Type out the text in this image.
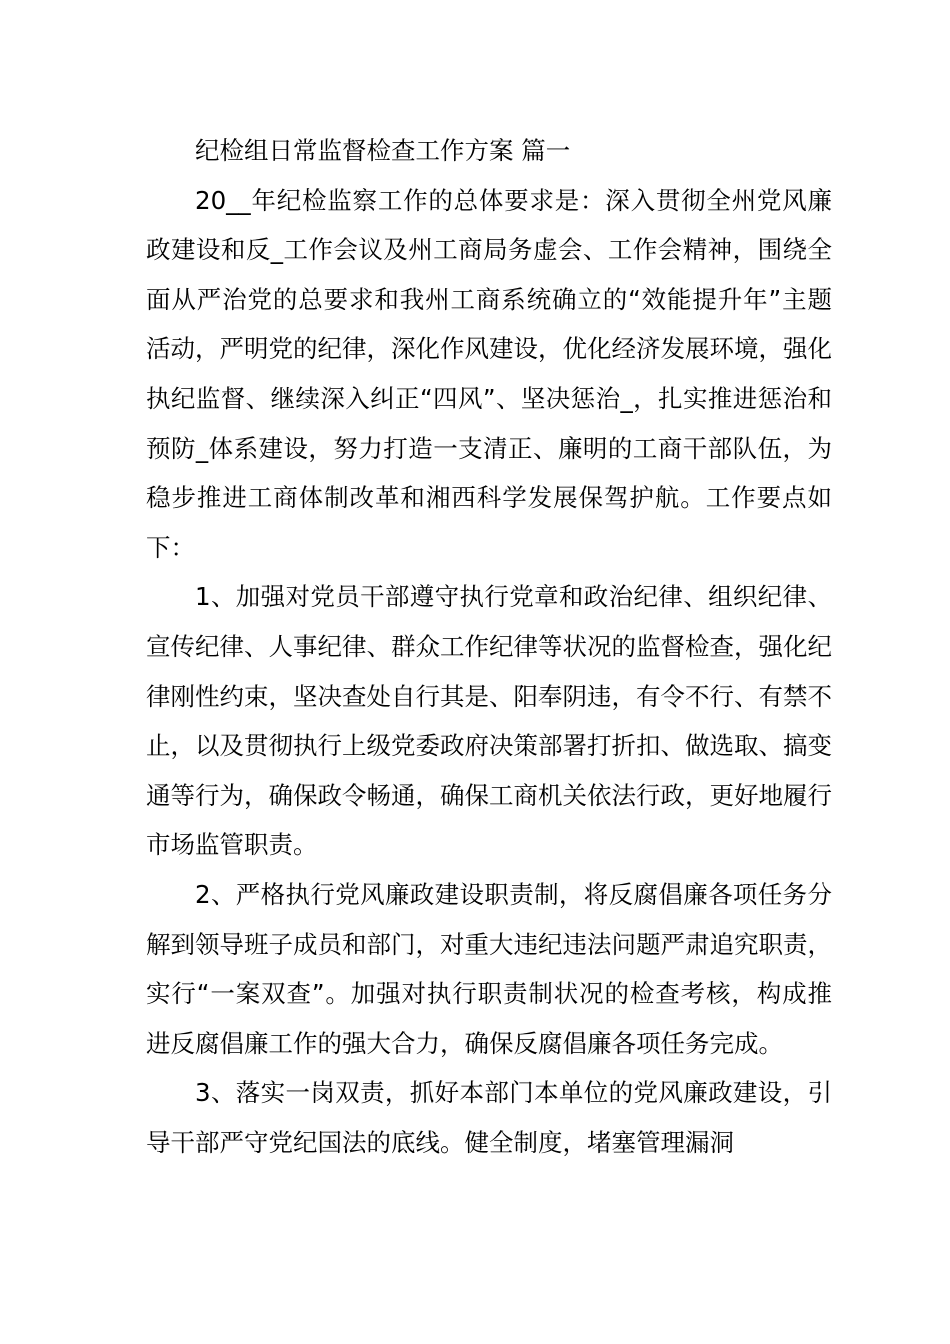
纪检组日常监督检查工作方案 篇一

20__年纪检监察工作的总体要求是：深入贯彻全州党风廉政建设和反_工作会议及州工商局务虚会、工作会精神，围绕全面从严治党的总要求和我州工商系统确立的“效能提升年”主题活动，严明党的纪律，深化作风建设，优化经济发展环境，强化执纪监督、继续深入纠正“四风”、坚决惩治_，扎实推进惩治和预防_体系建设，努力打造一支清正、廉明的工商干部队伍，为稳步推进工商体制改革和湘西科学发展保驾护航。工作要点如下：

1、加强对党员干部遵守执行党章和政治纪律、组织纪律、宣传纪律、人事纪律、群众工作纪律等状况的监督检查，强化纪律刚性约束，坚决查处自行其是、阳奉阴违，有令不行、有禁不止，以及贯彻执行上级党委政府决策部署打折扣、做选取、搞变通等行为，确保政令畅通，确保工商机关依法行政，更好地履行市场监管职责。

2、严格执行党风廉政建设职责制，将反腐倡廉各项任务分解到领导班子成员和部门，对重大违纪违法问题严肃追究职责，实行“一案双查”。加强对执行职责制状况的检查考核，构成推进反腐倡廉工作的强大合力，确保反腐倡廉各项任务完成。

3、落实一岗双责，抓好本部门本单位的党风廉政建设，引导干部严守党纪国法的底线。健全制度，堵塞管理漏洞
